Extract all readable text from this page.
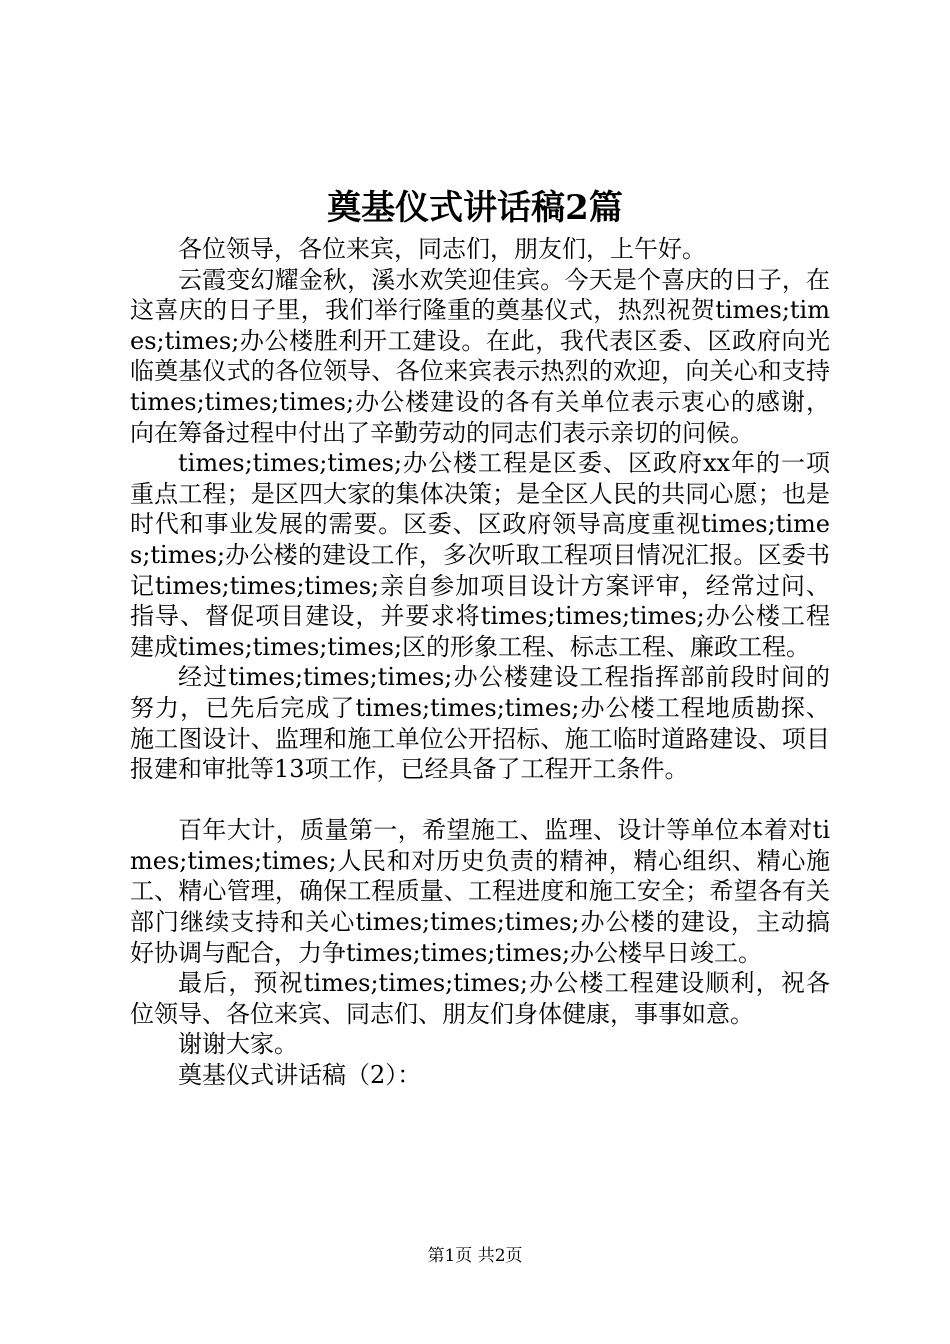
奠基仪式讲话稿2篇

各位领导，各位来宾，同志们，朋友们，上午好。

云霞变幻耀金秋，溪水欢笑迎佳宾。今天是个喜庆的日子，在这喜庆的日子里，我们举行隆重的奠基仪式，热烈祝贺times;times;times;办公楼胜利开工建设。在此，我代表区委、区政府向光临奠基仪式的各位领导、各位来宾表示热烈的欢迎，向关心和支持times;times;times;办公楼建设的各有关单位表示衷心的感谢，向在筹备过程中付出了辛勤劳动的同志们表示亲切的问候。

times;times;times;办公楼工程是区委、区政府xx年的一项重点工程；是区四大家的集体决策；是全区人民的共同心愿；也是时代和事业发展的需要。区委、区政府领导高度重视times;times;times;办公楼的建设工作，多次听取工程项目情况汇报。区委书记times;times;times;亲自参加项目设计方案评审，经常过问、指导、督促项目建设，并要求将times;times;times;办公楼工程建成times;times;times;区的形象工程、标志工程、廉政工程。

经过times;times;times;办公楼建设工程指挥部前段时间的努力，已先后完成了times;times;times;办公楼工程地质勘探、施工图设计、监理和施工单位公开招标、施工临时道路建设、项目报建和审批等13项工作，已经具备了工程开工条件。

百年大计，质量第一，希望施工、监理、设计等单位本着对times;times;times;人民和对历史负责的精神，精心组织、精心施工、精心管理，确保工程质量、工程进度和施工安全；希望各有关部门继续支持和关心times;times;times;办公楼的建设，主动搞好协调与配合，力争times;times;times;办公楼早日竣工。

最后，预祝times;times;times;办公楼工程建设顺利，祝各位领导、各位来宾、同志们、朋友们身体健康，事事如意。

谢谢大家。

奠基仪式讲话稿（2）：

第1页 共2页
